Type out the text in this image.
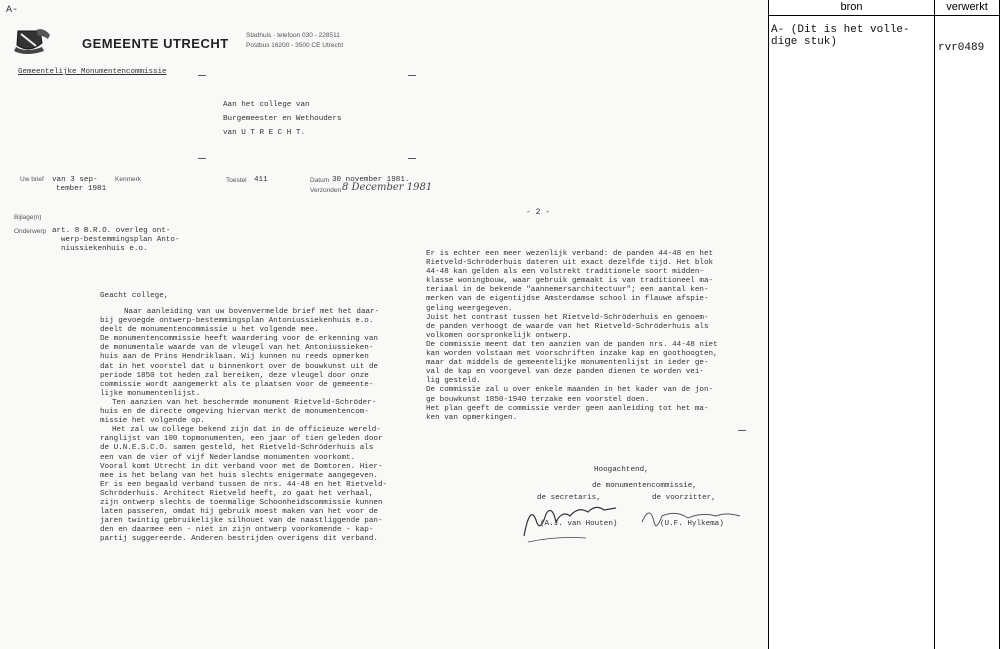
A-
GEMEENTE UTRECHT
Stadhuis · telefoon 030 - 228511
Postbus 16200 - 3500 CE Utrecht
Gemeentelijke Monumentencommissie
Aan het college van
Burgemeester en Wethouders
van U T R E C H T.
Uw brief van 3 sep-
tember 1981
Kenmerk	Toestel 411	Datum 30 november 1981.
Verzonden 8 December 1981
Bijlage(n)
Onderwerp art. 8 B.R.O. overleg ont-
werp-bestemmingsplan Anto-
niussiekenhuis e.o.
- 2 -
Geacht college,
Naar aanleiding van uw bovenvermelde brief met het daar-
bij gevoegde ontwerp-bestemmingsplan Antoniussiekenhuis e.o.
deelt de monumentencommissie u het volgende mee.
De monumentencommissie heeft waardering voor de erkenning van
de monumentale waarde van de vleugel van het Antoniussieken-
huis aan de Prins Hendriklaan. Wij kunnen nu reeds opmerken
dat in het voorstel dat u binnenkort over de bouwkunst uit de
periode 1850 tot heden zal bereiken, deze vleugel door onze
commissie wordt aangemerkt als te plaatsen voor de gemeente-
lijke monumentenlijst.
Ten aanzien van het beschermde monument Rietveld-Schröder-
huis en de directe omgeving hiervan merkt de monumentencom-
missie het volgende op.
Het zal uw college bekend zijn dat in de officieuze wereld-
ranglijst van 100 topmonumenten, een jaar of tien geleden door
de U.N.E.S.C.O. samen gesteld, het Rietveld-Schröderhuis als
een van de vier of vijf Nederlandse monumenten voorkomt.
Vooral komt Utrecht in dit verband voor met de Domtoren. Hier-
mee is het belang van het huis slechts enigermate aangegeven.
Er is een begaald verband tussen de nrs. 44-48 en het Rietveld-
Schröderhuis. Architect Rietveld heeft, zo gaat het verhaal,
zijn ontwerp slechts de toenmalige Schoonheidscommissie kunnen
laten passeren, omdat hij gebruik moest maken van het voor de
jaren twintig gebruikelijke silhouet van de naastliggende pan-
den en daarmee een - niet in zijn ontwerp voorkomende - kap-
partij suggereerde. Anderen bestrijden overigens dit verband.
Er is echter een meer wezenlijk verband: de panden 44-48 en het
Rietveld-Schröderhuis dateren uit exact dezelfde tijd. Het blok
44-48 kan gelden als een volstrekt traditionele soort midden-
klasse woningbouw, waar gebruik gemaakt is van traditioneel ma-
teriaal in de bekende "aannemersarchitectuur"; een aantal ken-
merken van de eigentijdse Amsterdamse school in flauwe afspie-
geling weergegeven.
Juist het contrast tussen het Rietveld-Schröderhuis en genoem-
de panden verhoogt de waarde van het Rietveld-Schröderhuis als
volkomen oorspronkelijk ontwerp.
De commissie meent dat ten aanzien van de panden nrs. 44-48 niet
kan worden volstaan met voorschriften inzake kap en goothoogten,
maar dat middels de gemeentelijke monumentenlijst in ieder ge-
val de kap en voorgevel van deze panden dienen te worden vei-
lig gesteld.
De commissie zal u over enkele maanden in het kader van de jon-
ge bouwkunst 1850-1940 terzake een voorstel doen.
Het plan geeft de commissie verder geen aanleiding tot het ma-
ken van opmerkingen.
Hoogachtend,
de monumentencommissie,
de secretaris,	de voorzitter,
(A.J. van Houten)	(U.F. Hylkema)
bron	verwerkt
A- (Dit is het volle-
dige stuk)	rvr0489
